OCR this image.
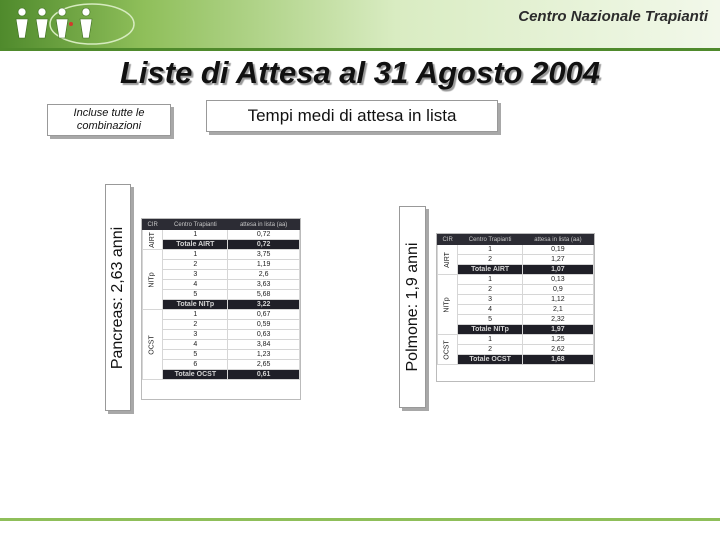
Centro Nazionale Trapianti
Liste di Attesa al 31 Agosto 2004
Incluse tutte le combinazioni
Tempi medi di attesa in lista
Pancreas: 2,63 anni
CIR	Centro Trapianti	attesa in lista (aa)
AIRT	1	0,72
	Totale AIRT	0,72
NITp	1	3,75
	2	1,19
	3	2,6
	4	3,63
	5	5,68
	Totale NITp	3,22
OCST	1	0,67
	2	0,59
	3	0,63
	4	3,84
	5	1,23
	6	2,65
	Totale OCST	0,61
Polmone: 1,9 anni
CIR	Centro Trapianti	attesa in lista (aa)
AIRT	1	0,19
	2	1,27
	Totale AIRT	1,07
NITp	1	0,13
	2	0,9
	3	1,12
	4	2,1
	5	2,32
	Totale NITp	1,97
OCST	1	1,25
	2	2,62
	Totale OCST	1,68
